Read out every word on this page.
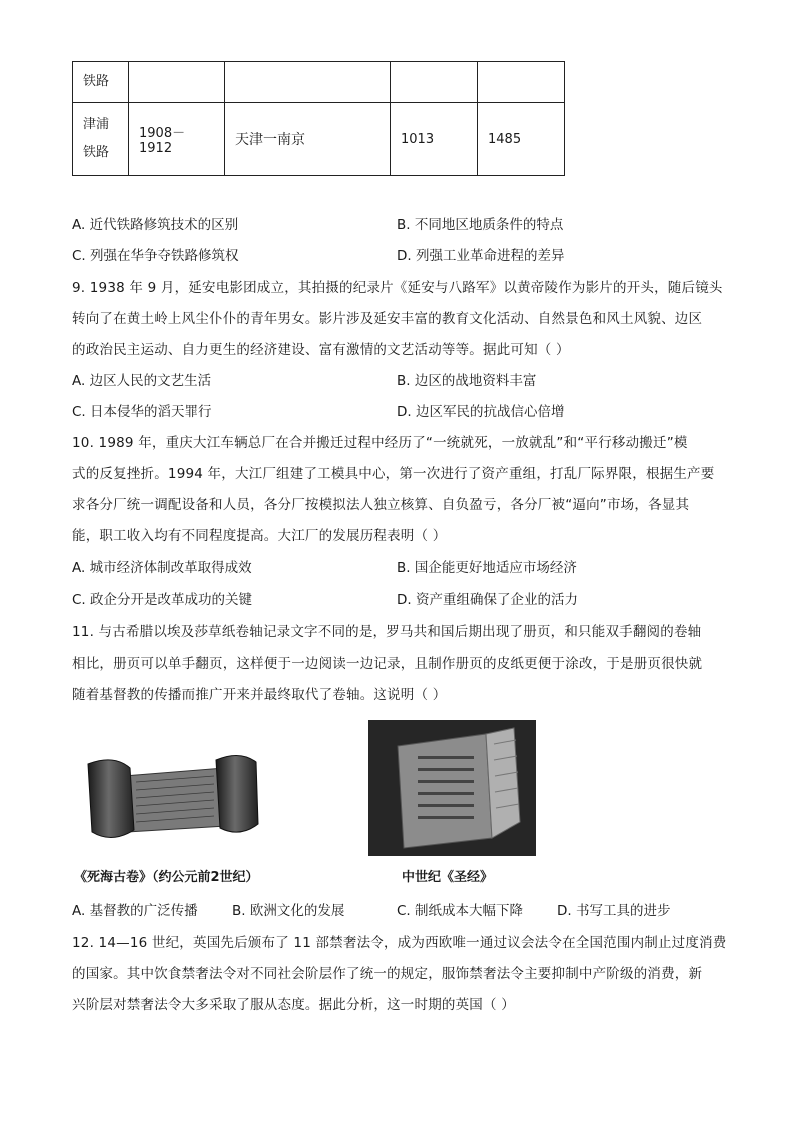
铁路				

津浦
铁路	1908－1912	天津一南京	1013	1485
A. 近代铁路修筑技术的区别	B. 不同地区地质条件的特点
C. 列强在华争夺铁路修筑权	D. 列强工业革命进程的差异
9. 1938 年 9 月，延安电影团成立，其拍摄的纪录片《延安与八路军》以黄帝陵作为影片的开头，随后镜头
转向了在黄土岭上风尘仆仆的青年男女。影片涉及延安丰富的教育文化活动、自然景色和风土风貌、边区
的政治民主运动、自力更生的经济建设、富有激情的文艺活动等等。据此可知（ ）
A. 边区人民的文艺生活	B. 边区的战地资料丰富
C. 日本侵华的滔天罪行	D. 边区军民的抗战信心倍增
10. 1989 年，重庆大江车辆总厂在合并搬迁过程中经历了“一统就死，一放就乱”和“平行移动搬迁”模
式的反复挫折。1994 年，大江厂组建了工模具中心，第一次进行了资产重组，打乱厂际界限，根据生产要
求各分厂统一调配设备和人员，各分厂按模拟法人独立核算、自负盈亏，各分厂被“逼向”市场，各显其
能，职工收入均有不同程度提高。大江厂的发展历程表明（ ）
A. 城市经济体制改革取得成效	B. 国企能更好地适应市场经济
C. 政企分开是改革成功的关键	D. 资产重组确保了企业的活力
11. 与古希腊以埃及莎草纸卷轴记录文字不同的是，罗马共和国后期出现了册页，和只能双手翻阅的卷轴
相比，册页可以单手翻页，这样便于一边阅读一边记录，且制作册页的皮纸更便于涂改，于是册页很快就
随着基督教的传播而推广开来并最终取代了卷轴。这说明（ ）
《死海古卷》（约公元前2世纪）	中世纪《圣经》
A. 基督教的广泛传播	B. 欧洲文化的发展	C. 制纸成本大幅下降	D. 书写工具的进步
12. 14—16 世纪，英国先后颁布了 11 部禁奢法令，成为西欧唯一通过议会法令在全国范围内制止过度消费
的国家。其中饮食禁奢法令对不同社会阶层作了统一的规定，服饰禁奢法令主要抑制中产阶级的消费，新
兴阶层对禁奢法令大多采取了服从态度。据此分析，这一时期的英国（ ）
